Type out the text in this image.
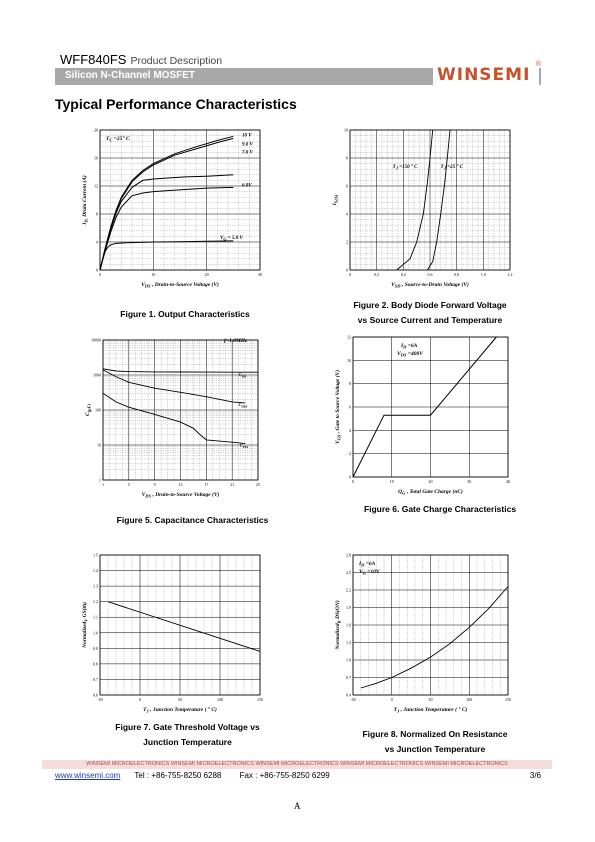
WFF840FS Product Description
Silicon N-Channel MOSFET	WINSEMI
®
Typical Performance Characteristics
0	10	20	30
0
4
8
12
16
20
$V_{DS}$ , Drain-to-Source Voltage (V)
$I_{D,}$ Drain Current (A)
$T_C =25^\circ$ C
10 V
9.0 V
7.0 V
6.0V
VG = 5.0 V
Figure 1. Output Characteristics
0	0.2	0.4	0.6	0.8	1.0	1.2
0
2
4
6
8
10
$V_{SD}$ , Source-to-Drain Voltage (V)
$I_{S(A)}$
TJ =150 ° C	TJ =25 ° C
Figure 2. Body Diode Forward Voltage
vs Source Current and Temperature
1	5	9	13	17	21	25
1
10
100
1000
10000
$V_{DS}$ , Drain-to-Source Voltage (V)
$C_{(pF)}$
f=1.0MHz
Ciss
Coss
Crss
Figure 5. Capacitance Characteristics
0	10	20	30	40
0
2
4
6
8
10
12
$Q_G$ , Total Gate Charge (nC)
$V_{GS}$ , Gate to Source Voltage (V)
$I_D =6A$
$V_{DS} =400V$
Figure 6. Gate Charge Characteristics
-50	0	50	100	150
0.6
0.7
0.8
0.9
1.0
1.1
1.2
1.3
1.4
1.5
$T_J$ , Junction Temperature ( ° C)
Normalized$_V$ GS(th)
Figure 7. Gate Threshold Voltage vs
Junction Temperature
-50	0	50	100	150
0.4
0.7
1.0
1.3
1.6
1.9
2.2
2.5
2.8
$T_J$ , Junction Temperature ( ° C)
Normalized$_R$ DS(ON)
$I_D =6A$
$V_G =10V$
Figure 8. Normalized On Resistance
vs Junction Temperature
WINSEMI MICROELECTRONICS WINSEMI MICROELECTRONICS WINSEMI MICROELECTRONICS WINSEMI MICROELECTRONICS WINSEMI MICROELECTRONICS
www.winsemi.com Tel : +86-755-8250 6288 Fax : +86-755-8250 6299	3/6
A
